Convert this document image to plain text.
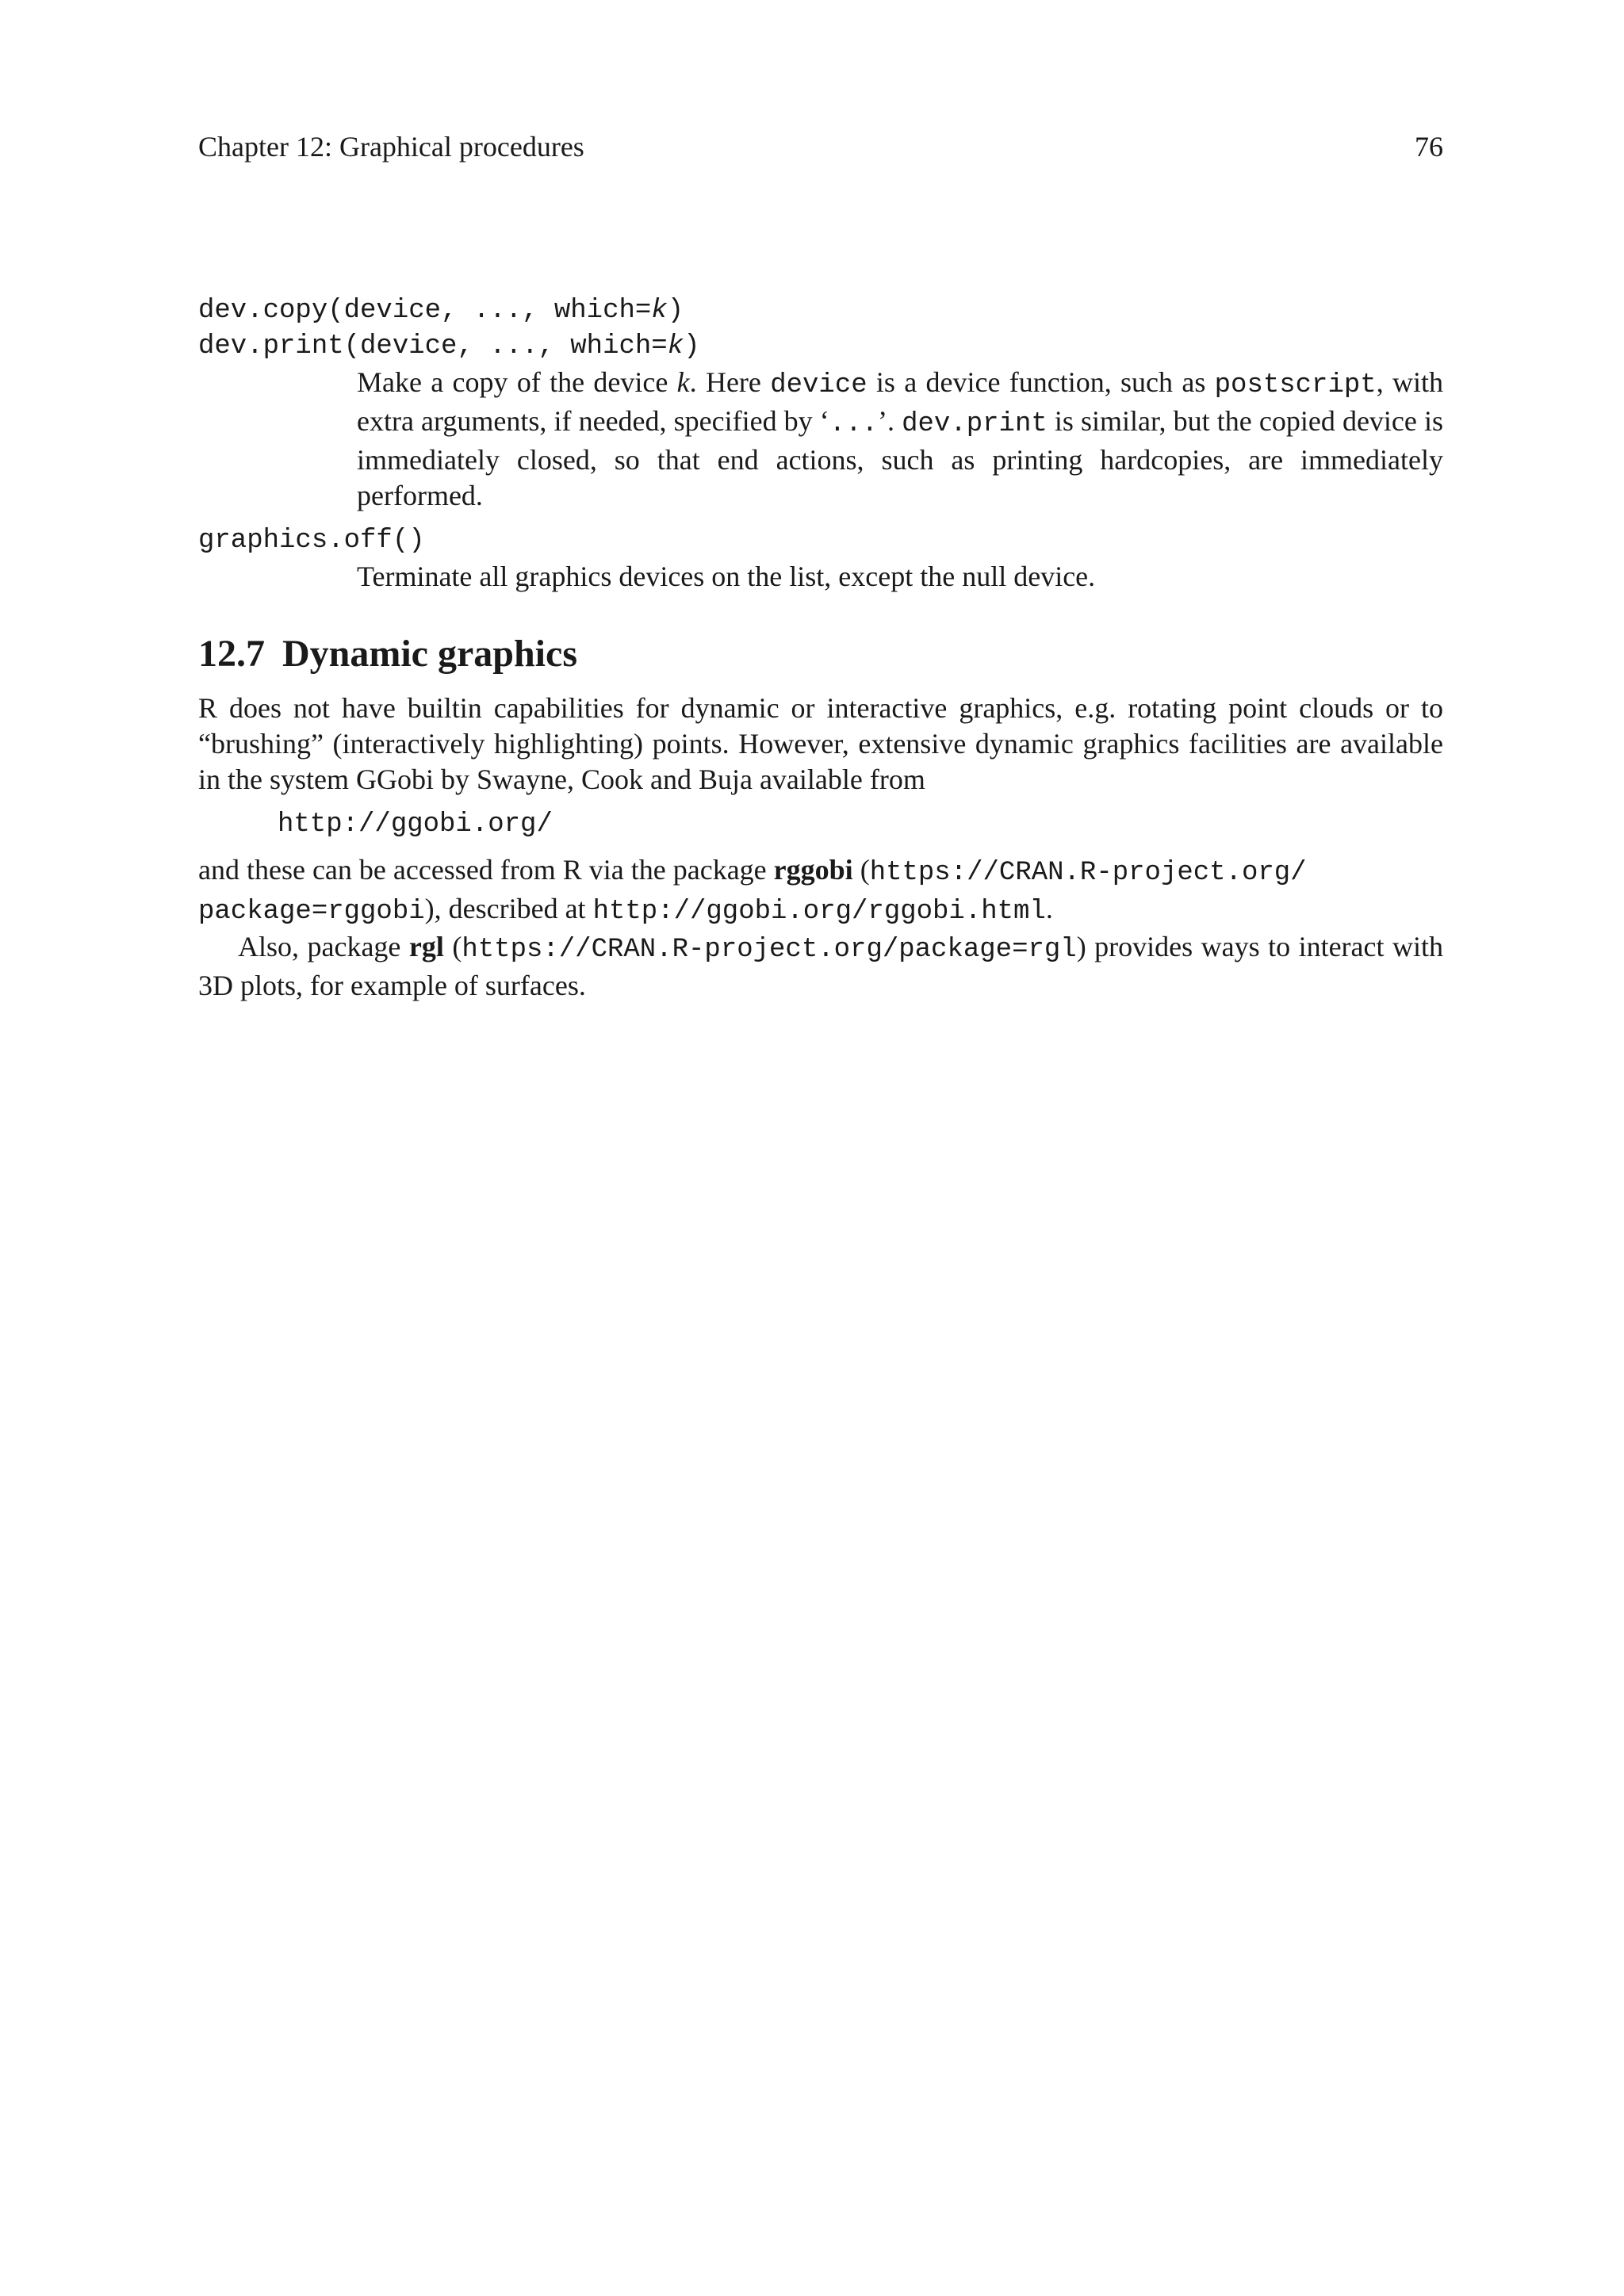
Chapter 12: Graphical procedures	76
dev.copy(device, ..., which=k)
dev.print(device, ..., which=k)
Make a copy of the device k. Here device is a device function, such as postscript, with extra arguments, if needed, specified by ‘...’. dev.print is similar, but the copied device is immediately closed, so that end actions, such as printing hardcopies, are immediately performed.
graphics.off()
Terminate all graphics devices on the list, except the null device.
12.7 Dynamic graphics
R does not have builtin capabilities for dynamic or interactive graphics, e.g. rotating point clouds or to “brushing” (interactively highlighting) points. However, extensive dynamic graphics facilities are available in the system GGobi by Swayne, Cook and Buja available from
http://ggobi.org/
and these can be accessed from R via the package rggobi (https://CRAN.R-project.org/
package=rggobi), described at http://ggobi.org/rggobi.html.
Also, package rgl (https://CRAN.R-project.org/package=rgl) provides ways to interact with 3D plots, for example of surfaces.
